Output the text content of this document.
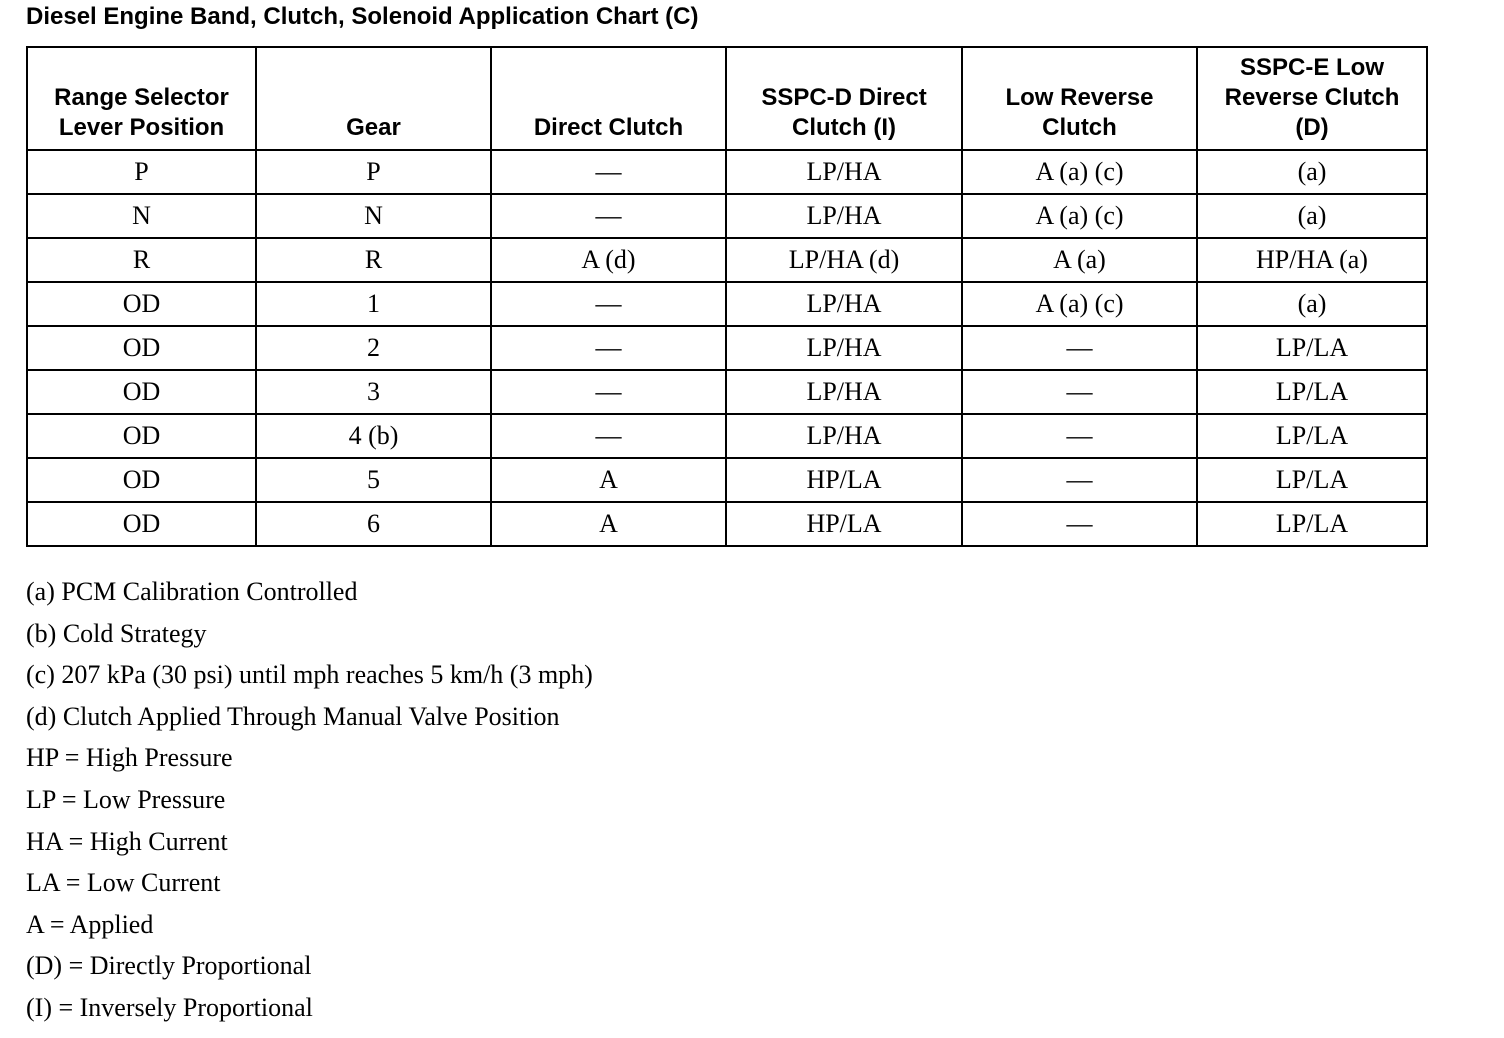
Diesel Engine Band, Clutch, Solenoid Application Chart (C)
Range Selector Lever Position	Gear	Direct Clutch	SSPC-D Direct Clutch (I)	Low Reverse Clutch	SSPC-E Low Reverse Clutch (D)
P	P	—	LP/HA	A (a) (c)	(a)
N	N	—	LP/HA	A (a) (c)	(a)
R	R	A (d)	LP/HA (d)	A (a)	HP/HA (a)
OD	1	—	LP/HA	A (a) (c)	(a)
OD	2	—	LP/HA	—	LP/LA
OD	3	—	LP/HA	—	LP/LA
OD	4 (b)	—	LP/HA	—	LP/LA
OD	5	A	HP/LA	—	LP/LA
OD	6	A	HP/LA	—	LP/LA
(a) PCM Calibration Controlled
(b) Cold Strategy
(c) 207 kPa (30 psi) until mph reaches 5 km/h (3 mph)
(d) Clutch Applied Through Manual Valve Position
HP = High Pressure
LP = Low Pressure
HA = High Current
LA = Low Current
A = Applied
(D) = Directly Proportional
(I) = Inversely Proportional
